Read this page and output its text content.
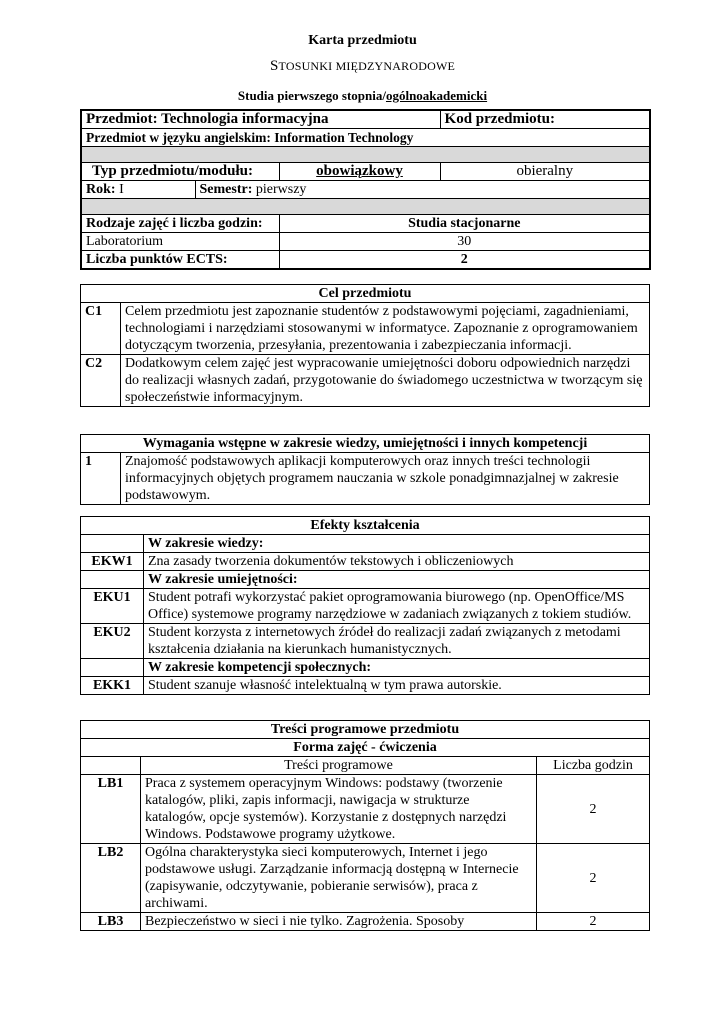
Karta przedmiotu
STOSUNKI MIĘDZYNARODOWE
Studia pierwszego stopnia/ogólnoakademicki
Przedmiot: Technologia informacyjna			Kod przedmiotu:
Przedmiot w języku angielskim: Information Technology			

Typ przedmiotu/modułu:		obowiązkowy	obieralny
Rok: I	Semestr: pierwszy		

Rodzaje zajęć i liczba godzin:		Studia stacjonarne	
Laboratorium		30	
Liczba punktów ECTS:		2	
Cel przedmiotu	
C1	Celem przedmiotu jest zapoznanie studentów z podstawowymi pojęciami, zagadnieniami, technologiami i narzędziami stosowanymi w informatyce. Zapoznanie z oprogramowaniem dotyczącym tworzenia, przesyłania, prezentowania i zabezpieczania informacji.
C2	Dodatkowym celem zajęć jest wypracowanie umiejętności doboru odpowiednich narzędzi do realizacji własnych zadań, przygotowanie do świadomego uczestnictwa w tworzącym się społeczeństwie informacyjnym.
Wymagania wstępne w zakresie wiedzy, umiejętności i innych kompetencji
1	Znajomość podstawowych aplikacji komputerowych oraz innych treści technologii informacyjnych objętych programem nauczania w szkole ponadgimnazjalnej w zakresie podstawowym.
Efekty kształcenia	
	W zakresie wiedzy:
EKW1	Zna zasady tworzenia dokumentów tekstowych i obliczeniowych
	W zakresie umiejętności:
EKU1	Student potrafi wykorzystać pakiet oprogramowania biurowego (np. OpenOffice/MS Office) systemowe programy narzędziowe w zadaniach związanych z tokiem studiów.
EKU2	Student korzysta z internetowych źródeł do realizacji zadań związanych z metodami kształcenia działania na kierunkach humanistycznych.
	W zakresie kompetencji społecznych:
EKK1	Student szanuje własność intelektualną w tym prawa autorskie.
Treści programowe przedmiotu		
Forma zajęć - ćwiczenia		
	Treści programowe	Liczba godzin
LB1	Praca z systemem operacyjnym Windows: podstawy (tworzenie katalogów, pliki, zapis informacji, nawigacja w strukturze katalogów, opcje systemów). Korzystanie z dostępnych narzędzi Windows. Podstawowe programy użytkowe.	2
LB2	Ogólna charakterystyka sieci komputerowych, Internet i jego podstawowe usługi. Zarządzanie informacją dostępną w Internecie (zapisywanie, odczytywanie, pobieranie serwisów), praca z archiwami.	2
LB3	Bezpieczeństwo w sieci i nie tylko. Zagrożenia. Sposoby	2
